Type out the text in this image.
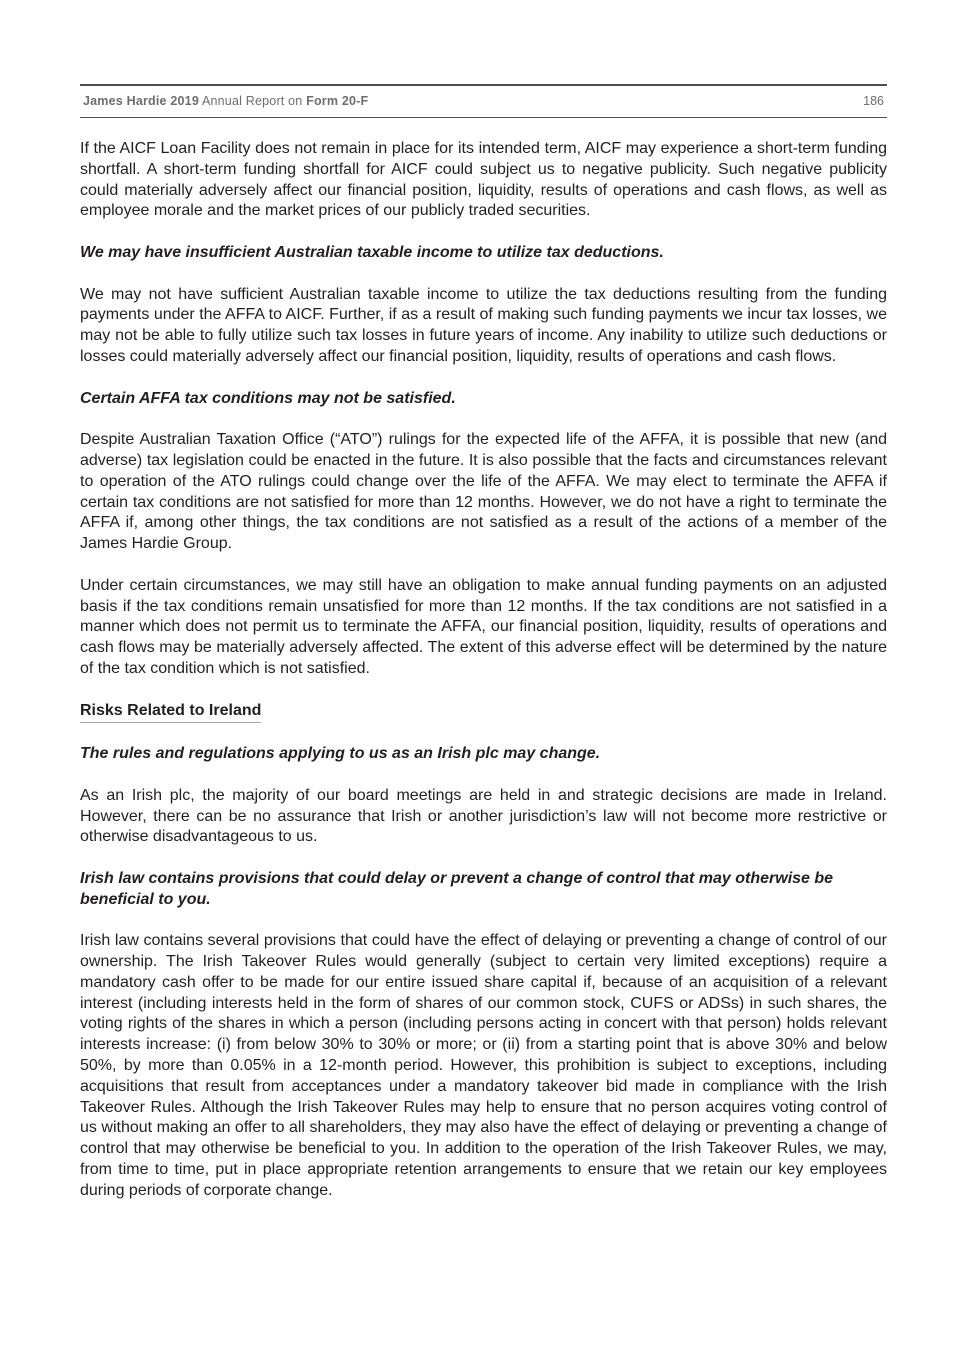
James Hardie 2019 Annual Report on Form 20-F	186

If the AICF Loan Facility does not remain in place for its intended term, AICF may experience a short-term funding shortfall. A short-term funding shortfall for AICF could subject us to negative publicity. Such negative publicity could materially adversely affect our financial position, liquidity, results of operations and cash flows, as well as employee morale and the market prices of our publicly traded securities.

We may have insufficient Australian taxable income to utilize tax deductions.

We may not have sufficient Australian taxable income to utilize the tax deductions resulting from the funding payments under the AFFA to AICF. Further, if as a result of making such funding payments we incur tax losses, we may not be able to fully utilize such tax losses in future years of income. Any inability to utilize such deductions or losses could materially adversely affect our financial position, liquidity, results of operations and cash flows.

Certain AFFA tax conditions may not be satisfied.

Despite Australian Taxation Office (“ATO”) rulings for the expected life of the AFFA, it is possible that new (and adverse) tax legislation could be enacted in the future. It is also possible that the facts and circumstances relevant to operation of the ATO rulings could change over the life of the AFFA. We may elect to terminate the AFFA if certain tax conditions are not satisfied for more than 12 months. However, we do not have a right to terminate the AFFA if, among other things, the tax conditions are not satisfied as a result of the actions of a member of the James Hardie Group.

Under certain circumstances, we may still have an obligation to make annual funding payments on an adjusted basis if the tax conditions remain unsatisfied for more than 12 months. If the tax conditions are not satisfied in a manner which does not permit us to terminate the AFFA, our financial position, liquidity, results of operations and cash flows may be materially adversely affected. The extent of this adverse effect will be determined by the nature of the tax condition which is not satisfied.

Risks Related to Ireland
The rules and regulations applying to us as an Irish plc may change.

As an Irish plc, the majority of our board meetings are held in and strategic decisions are made in Ireland. However, there can be no assurance that Irish or another jurisdiction’s law will not become more restrictive or otherwise disadvantageous to us.

Irish law contains provisions that could delay or prevent a change of control that may otherwise be beneficial to you.

Irish law contains several provisions that could have the effect of delaying or preventing a change of control of our ownership. The Irish Takeover Rules would generally (subject to certain very limited exceptions) require a mandatory cash offer to be made for our entire issued share capital if, because of an acquisition of a relevant interest (including interests held in the form of shares of our common stock, CUFS or ADSs) in such shares, the voting rights of the shares in which a person (including persons acting in concert with that person) holds relevant interests increase: (i) from below 30% to 30% or more; or (ii) from a starting point that is above 30% and below 50%, by more than 0.05% in a 12-month period. However, this prohibition is subject to exceptions, including acquisitions that result from acceptances under a mandatory takeover bid made in compliance with the Irish Takeover Rules. Although the Irish Takeover Rules may help to ensure that no person acquires voting control of us without making an offer to all shareholders, they may also have the effect of delaying or preventing a change of control that may otherwise be beneficial to you. In addition to the operation of the Irish Takeover Rules, we may, from time to time, put in place appropriate retention arrangements to ensure that we retain our key employees during periods of corporate change.
